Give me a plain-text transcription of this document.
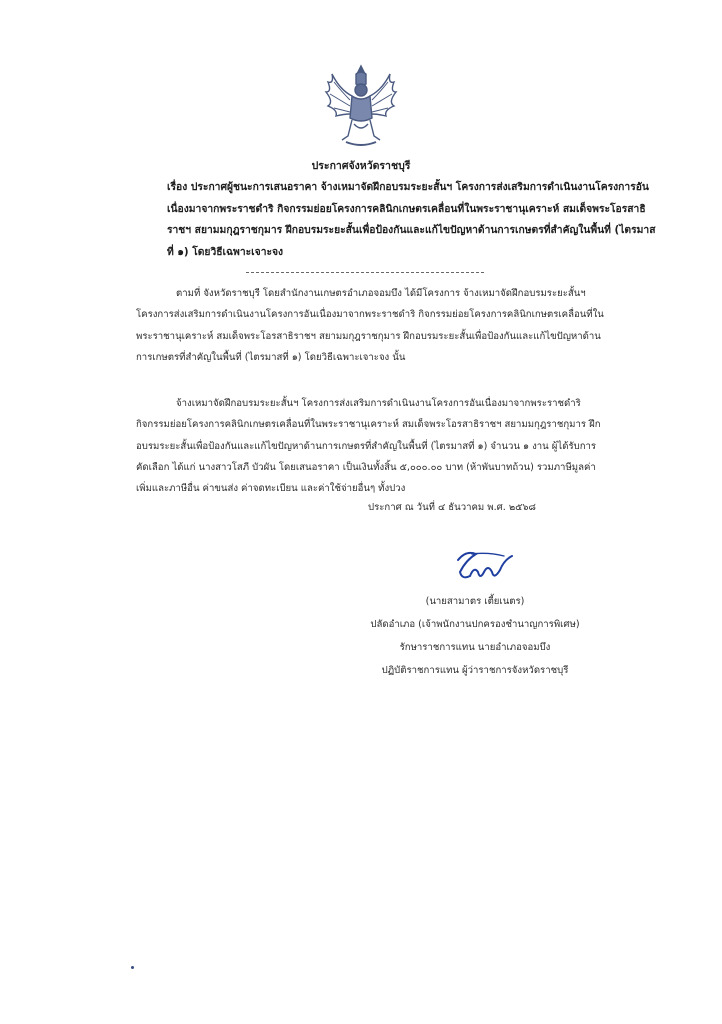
ประกาศจังหวัดราชบุรี
เรื่อง ประกาศผู้ชนะการเสนอราคา จ้างเหมาจัดฝึกอบรมระยะสั้นฯ โครงการส่งเสริมการดำเนินงานโครงการอัน
เนื่องมาจากพระราชดำริ กิจกรรมย่อยโครงการคลินิกเกษตรเคลื่อนที่ในพระราชานุเคราะห์ สมเด็จพระโอรสาธิ
ราชฯ สยามมกุฎราชกุมาร ฝึกอบรมระยะสั้นเพื่อป้องกันและแก้ไขปัญหาด้านการเกษตรที่สำคัญในพื้นที่ (ไตรมาส
ที่ ๑) โดยวิธีเฉพาะเจาะจง
ตามที่ จังหวัดราชบุรี โดยสำนักงานเกษตรอำเภอจอมบึง ได้มีโครงการ จ้างเหมาจัดฝึกอบรมระยะสั้นฯ
โครงการส่งเสริมการดำเนินงานโครงการอันเนื่องมาจากพระราชดำริ กิจกรรมย่อยโครงการคลินิกเกษตรเคลื่อนที่ใน
พระราชานุเคราะห์ สมเด็จพระโอรสาธิราชฯ สยามมกุฎราชกุมาร ฝึกอบรมระยะสั้นเพื่อป้องกันและแก้ไขปัญหาด้าน
การเกษตรที่สำคัญในพื้นที่ (ไตรมาสที่ ๑) โดยวิธีเฉพาะเจาะจง นั้น
จ้างเหมาจัดฝึกอบรมระยะสั้นฯ โครงการส่งเสริมการดำเนินงานโครงการอันเนื่องมาจากพระราชดำริ
กิจกรรมย่อยโครงการคลินิกเกษตรเคลื่อนที่ในพระราชานุเคราะห์ สมเด็จพระโอรสาธิราชฯ สยามมกุฎราชกุมาร ฝึก
อบรมระยะสั้นเพื่อป้องกันและแก้ไขปัญหาด้านการเกษตรที่สำคัญในพื้นที่ (ไตรมาสที่ ๑) จำนวน ๑ งาน ผู้ได้รับการ
คัดเลือก ได้แก่ นางสาวโสภี บัวผัน โดยเสนอราคา เป็นเงินทั้งสิ้น ๕,๐๐๐.๐๐ บาท (ห้าพันบาทถ้วน) รวมภาษีมูลค่า
เพิ่มและภาษีอื่น ค่าขนส่ง ค่าจดทะเบียน และค่าใช้จ่ายอื่นๆ ทั้งปวง
ประกาศ ณ วันที่ ๔ ธันวาคม พ.ศ. ๒๕๖๘
(นายสามาตร เตี้ยเนตร)
ปลัดอำเภอ (เจ้าพนักงานปกครองชำนาญการพิเศษ)
รักษาราชการแทน นายอำเภอจอมบึง
ปฏิบัติราชการแทน ผู้ว่าราชการจังหวัดราชบุรี
